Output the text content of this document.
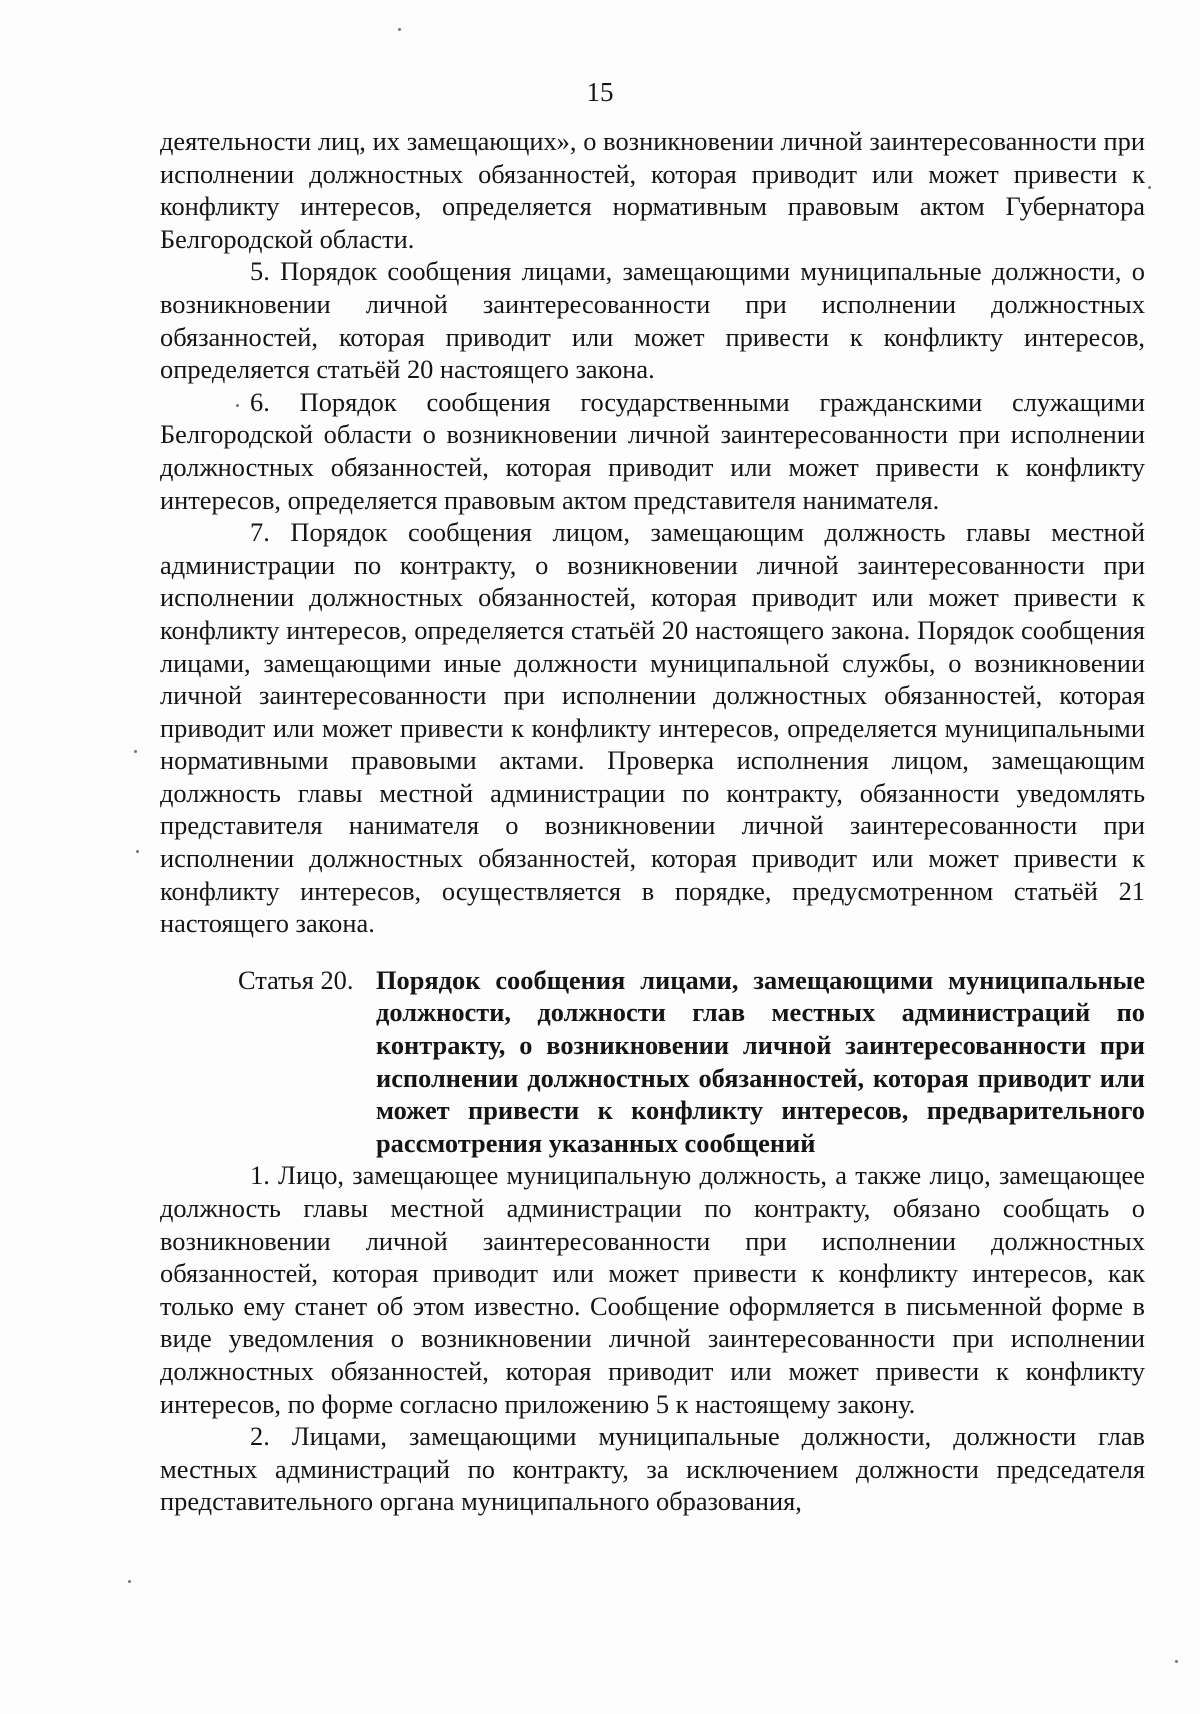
15

деятельности лиц, их замещающих», о возникновении личной заинтересованности при исполнении должностных обязанностей, которая приводит или может привести к конфликту интересов, определяется нормативным правовым актом Губернатора Белгородской области.

5. Порядок сообщения лицами, замещающими муниципальные должности, о возникновении личной заинтересованности при исполнении должностных обязанностей, которая приводит или может привести к конфликту интересов, определяется статьёй 20 настоящего закона.

6. Порядок сообщения государственными гражданскими служащими Белгородской области о возникновении личной заинтересованности при исполнении должностных обязанностей, которая приводит или может привести к конфликту интересов, определяется правовым актом представителя нанимателя.

7. Порядок сообщения лицом, замещающим должность главы местной администрации по контракту, о возникновении личной заинтересованности при исполнении должностных обязанностей, которая приводит или может привести к конфликту интересов, определяется статьёй 20 настоящего закона. Порядок сообщения лицами, замещающими иные должности муниципальной службы, о возникновении личной заинтересованности при исполнении должностных обязанностей, которая приводит или может привести к конфликту интересов, определяется муниципальными нормативными правовыми актами. Проверка исполнения лицом, замещающим должность главы местной администрации по контракту, обязанности уведомлять представителя нанимателя о возникновении личной заинтересованности при исполнении должностных обязанностей, которая приводит или может привести к конфликту интересов, осуществляется в порядке, предусмотренном статьёй 21 настоящего закона.

Статья 20. Порядок сообщения лицами, замещающими муниципальные должности, должности глав местных администраций по контракту, о возникновении личной заинтересованности при исполнении должностных обязанностей, которая приводит или может привести к конфликту интересов, предварительного рассмотрения указанных сообщений

1. Лицо, замещающее муниципальную должность, а также лицо, замещающее должность главы местной администрации по контракту, обязано сообщать о возникновении личной заинтересованности при исполнении должностных обязанностей, которая приводит или может привести к конфликту интересов, как только ему станет об этом известно. Сообщение оформляется в письменной форме в виде уведомления о возникновении личной заинтересованности при исполнении должностных обязанностей, которая приводит или может привести к конфликту интересов, по форме согласно приложению 5 к настоящему закону.

2. Лицами, замещающими муниципальные должности, должности глав местных администраций по контракту, за исключением должности председателя представительного органа муниципального образования,
